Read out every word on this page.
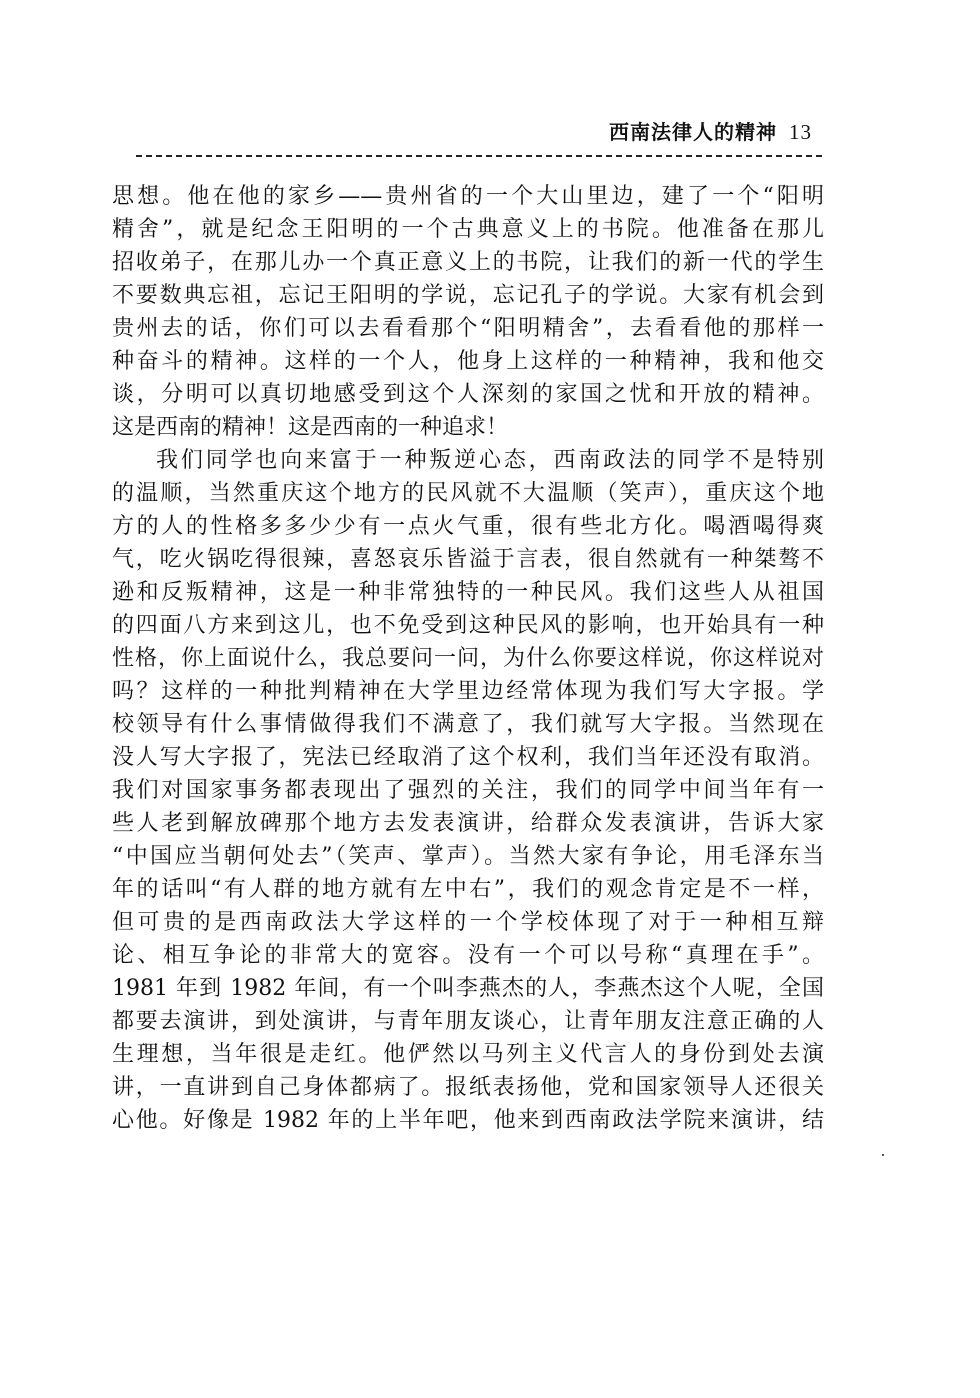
西南法律人的精神 13
思想。他在他的家乡——贵州省的一个大山里边，建了一个“阳明
精舍”，就是纪念王阳明的一个古典意义上的书院。他准备在那儿
招收弟子，在那儿办一个真正意义上的书院，让我们的新一代的学生
不要数典忘祖，忘记王阳明的学说，忘记孔子的学说。大家有机会到
贵州去的话，你们可以去看看那个“阳明精舍”，去看看他的那样一
种奋斗的精神。这样的一个人，他身上这样的一种精神，我和他交
谈，分明可以真切地感受到这个人深刻的家国之忧和开放的精神。
这是西南的精神！这是西南的一种追求！
我们同学也向来富于一种叛逆心态，西南政法的同学不是特别
的温顺，当然重庆这个地方的民风就不大温顺（笑声），重庆这个地
方的人的性格多多少少有一点火气重，很有些北方化。喝酒喝得爽
气，吃火锅吃得很辣，喜怒哀乐皆溢于言表，很自然就有一种桀骜不
逊和反叛精神，这是一种非常独特的一种民风。我们这些人从祖国
的四面八方来到这儿，也不免受到这种民风的影响，也开始具有一种
性格，你上面说什么，我总要问一问，为什么你要这样说，你这样说对
吗？这样的一种批判精神在大学里边经常体现为我们写大字报。学
校领导有什么事情做得我们不满意了，我们就写大字报。当然现在
没人写大字报了，宪法已经取消了这个权利，我们当年还没有取消。
我们对国家事务都表现出了强烈的关注，我们的同学中间当年有一
些人老到解放碑那个地方去发表演讲，给群众发表演讲，告诉大家
“中国应当朝何处去”（笑声、掌声）。当然大家有争论，用毛泽东当
年的话叫“有人群的地方就有左中右”，我们的观念肯定是不一样，
但可贵的是西南政法大学这样的一个学校体现了对于一种相互辩
论、相互争论的非常大的宽容。没有一个可以号称“真理在手”。
1981 年到 1982 年间，有一个叫李燕杰的人，李燕杰这个人呢，全国
都要去演讲，到处演讲，与青年朋友谈心，让青年朋友注意正确的人
生理想，当年很是走红。他俨然以马列主义代言人的身份到处去演
讲，一直讲到自己身体都病了。报纸表扬他，党和国家领导人还很关
心他。好像是 1982 年的上半年吧，他来到西南政法学院来演讲，结
